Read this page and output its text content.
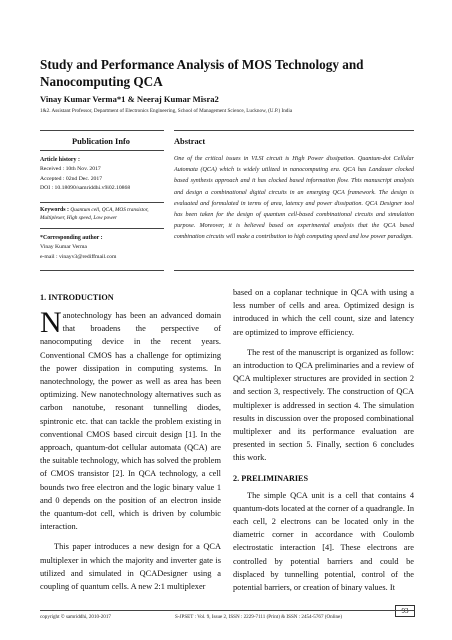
Study and Performance Analysis of MOS Technology and Nanocomputing QCA
Vinay Kumar Verma*1 & Neeraj Kumar Misra2
1&2. Assistant Professor, Department of Electronics Engineering, School of Management Science, Lucknow, (U.P.) India
Publication Info	Abstract
Article history :
Received : 10th Nov. 2017
Accepted : 02nd Dec. 2017
DOI : 10.18090/samriddhi.v9i02.10868
Keywords : Quantum cell, QCA, MOS transistor, Multiplexer, High speed, Low power
*Corresponding author :
Vinay Kumar Verma
e-mail : vinayv3@rediffmail.com
One of the critical issues in VLSI circuit is High Power dissipation. Quantum-dot Cellular Automata (QCA) which is widely utilized in nanocomputing era. QCA has Landauer clocked based synthesis approach and it has clocked based information flow. This manuscript analysis and design a combinational digital circuits in an emerging QCA framework. The design is evaluated and formulated in terms of area, latency and power dissipation. QCA Designer tool has been taken for the design of quantum cell-based combinational circuits and simulation purpose. Moreover, it is believed based on experimental analysis that the QCA based combination circuits will make a contribution to high computing speed and low power paradigm.
1. INTRODUCTION

Nanotechnology has been an advanced domain that broadens the perspective of nanocomputing device in the recent years. Conventional CMOS has a challenge for optimizing the power dissipation in computing systems. In nanotechnology, the power as well as area has been optimizing. New nanotechnology alternatives such as carbon nanotube, resonant tunnelling diodes, spintronic etc. that can tackle the problem existing in conventional CMOS based circuit design [1]. In the approach, quantum-dot cellular automata (QCA) are the suitable technology, which has solved the problem of CMOS transistor [2]. In QCA technology, a cell bounds two free electron and the logic binary value 1 and 0 depends on the position of an electron inside the quantum-dot cell, which is driven by columbic interaction.

This paper introduces a new design for a QCA multiplexer in which the majority and inverter gate is utilized and simulated in QCADesigner using a coupling of quantum cells. A new 2:1 multiplexer

based on a coplanar technique in QCA with using a less number of cells and area. Optimized design is introduced in which the cell count, size and latency are optimized to improve efficiency.

The rest of the manuscript is organized as follow: an introduction to QCA preliminaries and a review of QCA multiplexer structures are provided in section 2 and section 3, respectively. The construction of QCA multiplexer is addressed in section 4. The simulation results in discussion over the proposed combinational multiplexer and its performance evaluation are presented in section 5. Finally, section 6 concludes this work.

2. PRELIMINARIES

The simple QCA unit is a cell that contains 4 quantum-dots located at the corner of a quadrangle. In each cell, 2 electrons can be located only in the diametric corner in accordance with Coulomb electrostatic interaction [4]. These electrons are controlled by potential barriers and could be displaced by tunnelling potential, control of the potential barriers, or creation of binary values. It

93
copyright © samriddhi, 2010-2017	S-JPSET : Vol. 9, Issue 2, ISSN : 2229-7111 (Print) & ISSN : 2454-5767 (Online)
